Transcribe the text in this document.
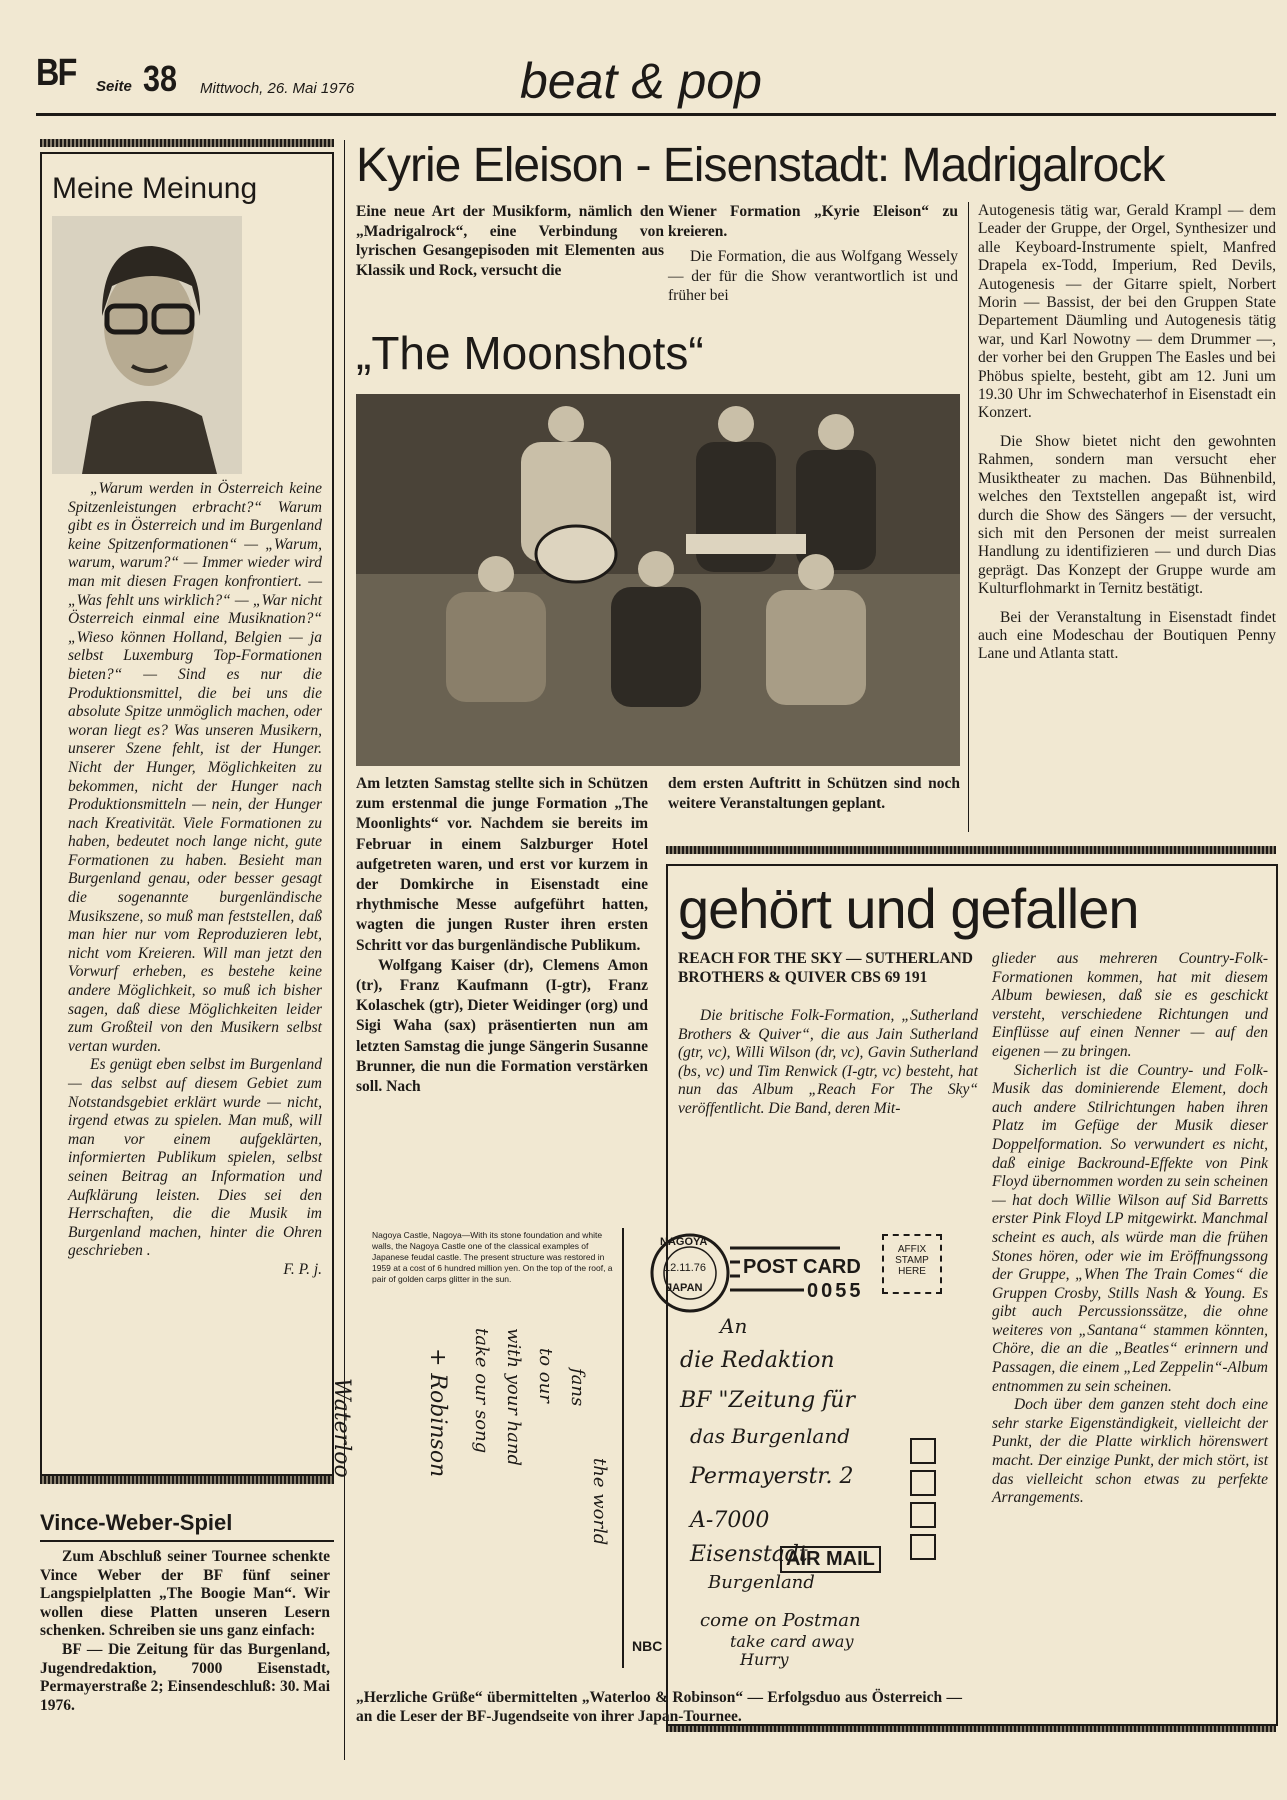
BF Seite 38 Mittwoch, 26. Mai 1976	beat & pop
Meine Meinung

„Warum werden in Österreich keine Spitzenleistungen erbracht?“ Warum gibt es in Österreich und im Burgenland keine Spitzenformationen“ — „Warum, warum, warum?“ — Immer wieder wird man mit diesen Fragen konfrontiert. — „Was fehlt uns wirklich?“ — „War nicht Österreich einmal eine Musiknation?“ „Wieso können Holland, Belgien — ja selbst Luxemburg Top-Formationen bieten?“ — Sind es nur die Produktionsmittel, die bei uns die absolute Spitze unmöglich machen, oder woran liegt es? Was unseren Musikern, unserer Szene fehlt, ist der Hunger. Nicht der Hunger, Möglichkeiten zu bekommen, nicht der Hunger nach Produktionsmitteln — nein, der Hunger nach Kreativität. Viele Formationen zu haben, bedeutet noch lange nicht, gute Formationen zu haben. Besieht man Burgenland genau, oder besser gesagt die sogenannte burgenländische Musikszene, so muß man feststellen, daß man hier nur vom Reproduzieren lebt, nicht vom Kreieren. Will man jetzt den Vorwurf erheben, es bestehe keine andere Möglichkeit, so muß ich bisher sagen, daß diese Möglichkeiten leider zum Großteil von den Musikern selbst vertan wurden.

Es genügt eben selbst im Burgenland — das selbst auf diesem Gebiet zum Notstandsgebiet erklärt wurde — nicht, irgend etwas zu spielen. Man muß, will man vor einem aufgeklärten, informierten Publikum spielen, selbst seinen Beitrag an Information und Aufklärung leisten. Dies sei den Herrschaften, die die Musik im Burgenland machen, hinter die Ohren geschrieben .

F. P. j.

Vince-Weber-Spiel

Zum Abschluß seiner Tournee schenkte Vince Weber der BF fünf seiner Langspielplatten „The Boogie Man“. Wir wollen diese Platten unseren Lesern schenken. Schreiben sie uns ganz einfach:

BF — Die Zeitung für das Burgenland, Jugendredaktion, 7000 Eisenstadt, Permayerstraße 2; Einsendeschluß: 30. Mai 1976.

Kyrie Eleison - Eisenstadt: Madrigalrock
Eine neue Art der Musikform, nämlich den „Madrigalrock“, eine Verbindung von lyrischen Gesangepisoden mit Elementen aus Klassik und Rock, versucht die

Wiener Formation „Kyrie Eleison“ zu kreieren.

Die Formation, die aus Wolfgang Wessely — der für die Show verantwortlich ist und früher bei

Autogenesis tätig war, Gerald Krampl — dem Leader der Gruppe, der Orgel, Synthesizer und alle Keyboard-Instrumente spielt, Manfred Drapela ex-Todd, Imperium, Red Devils, Autogenesis — der Gitarre spielt, Norbert Morin — Bassist, der bei den Gruppen State Departement Däumling und Autogenesis tätig war, und Karl Nowotny — dem Drummer —, der vorher bei den Gruppen The Easles und bei Phöbus spielte, besteht, gibt am 12. Juni um 19.30 Uhr im Schwechaterhof in Eisenstadt ein Konzert.

Die Show bietet nicht den gewohnten Rahmen, sondern man versucht eher Musiktheater zu machen. Das Bühnenbild, welches den Textstellen angepaßt ist, wird durch die Show des Sängers — der versucht, sich mit den Personen der meist surrealen Handlung zu identifizieren — und durch Dias geprägt. Das Konzept der Gruppe wurde am Kulturflohmarkt in Ternitz bestätigt.

Bei der Veranstaltung in Eisenstadt findet auch eine Modeschau der Boutiquen Penny Lane und Atlanta statt.

„The Moonshots“

Am letzten Samstag stellte sich in Schützen zum erstenmal die junge Formation „The Moonlights“ vor. Nachdem sie bereits im Februar in einem Salzburger Hotel aufgetreten waren, und erst vor kurzem in der Domkirche in Eisenstadt eine rhythmische Messe aufgeführt hatten, wagten die jungen Ruster ihren ersten Schritt vor das burgenländische Publikum.

Wolfgang Kaiser (dr), Clemens Amon (tr), Franz Kaufmann (I-gtr), Franz Kolaschek (gtr), Dieter Weidinger (org) und Sigi Waha (sax) präsentierten nun am letzten Samstag die junge Sängerin Susanne Brunner, die nun die Formation verstärken soll. Nach

dem ersten Auftritt in Schützen sind noch weitere Veranstaltungen geplant.
gehört und gefallen
REACH FOR THE SKY — SUTHERLAND BROTHERS & QUIVER CBS 69 191
Die britische Folk-Formation, „Sutherland Brothers & Quiver“, die aus Jain Sutherland (gtr, vc), Willi Wilson (dr, vc), Gavin Sutherland (bs, vc) und Tim Renwick (I-gtr, vc) besteht, hat nun das Album „Reach For The Sky“ veröffentlicht. Die Band, deren Mit-

glieder aus mehreren Country-Folk-Formationen kommen, hat mit diesem Album bewiesen, daß sie es geschickt versteht, verschiedene Richtungen und Einflüsse auf einen Nenner — auf den eigenen — zu bringen.

Sicherlich ist die Country- und Folk-Musik das dominierende Element, doch auch andere Stilrichtungen haben ihren Platz im Gefüge der Musik dieser Doppelformation. So verwundert es nicht, daß einige Backround-Effekte von Pink Floyd übernommen worden zu sein scheinen — hat doch Willie Wilson auf Sid Barretts erster Pink Floyd LP mitgewirkt. Manchmal scheint es auch, als würde man die frühen Stones hören, oder wie im Eröffnungssong der Gruppe, „When The Train Comes“ die Gruppen Crosby, Stills Nash & Young. Es gibt auch Percussionssätze, die ohne weiteres von „Santana“ stammen könnten, Chöre, die an die „Beatles“ erinnern und Passagen, die einem „Led Zeppelin“-Album entnommen zu sein scheinen.

Doch über dem ganzen steht doch eine sehr starke Eigenständigkeit, vielleicht der Punkt, der die Platte wirklich hörenswert macht. Der einzige Punkt, der mich stört, ist das vielleicht schon etwas zu perfekte Arrangements.

Nagoya Castle, Nagoya—With its stone foundation and white walls, the Nagoya Castle one of the classical examples of Japanese feudal castle. The present structure was restored in 1959 at a cost of 6 hundred million yen. On the top of the roof, a pair of golden carps glitter in the sun.
NAGOYA
12.11.76
JAPAN
POST CARD
0055
AFFIX STAMP HERE
An
die Redaktion
BF "Zeitung für
das Burgenland
Permayerstr. 2
A-7000
Eisenstadt
Burgenland
AIR MAIL
come on Postman
take card away
Hurry
Waterloo	+ Robinson take our song with your hand to our fans
the world
NBC
„Herzliche Grüße“ übermittelten „Waterloo & Robinson“ — Erfolgsduo aus Österreich — an die Leser der BF-Jugendseite von ihrer Japan-Tournee.
